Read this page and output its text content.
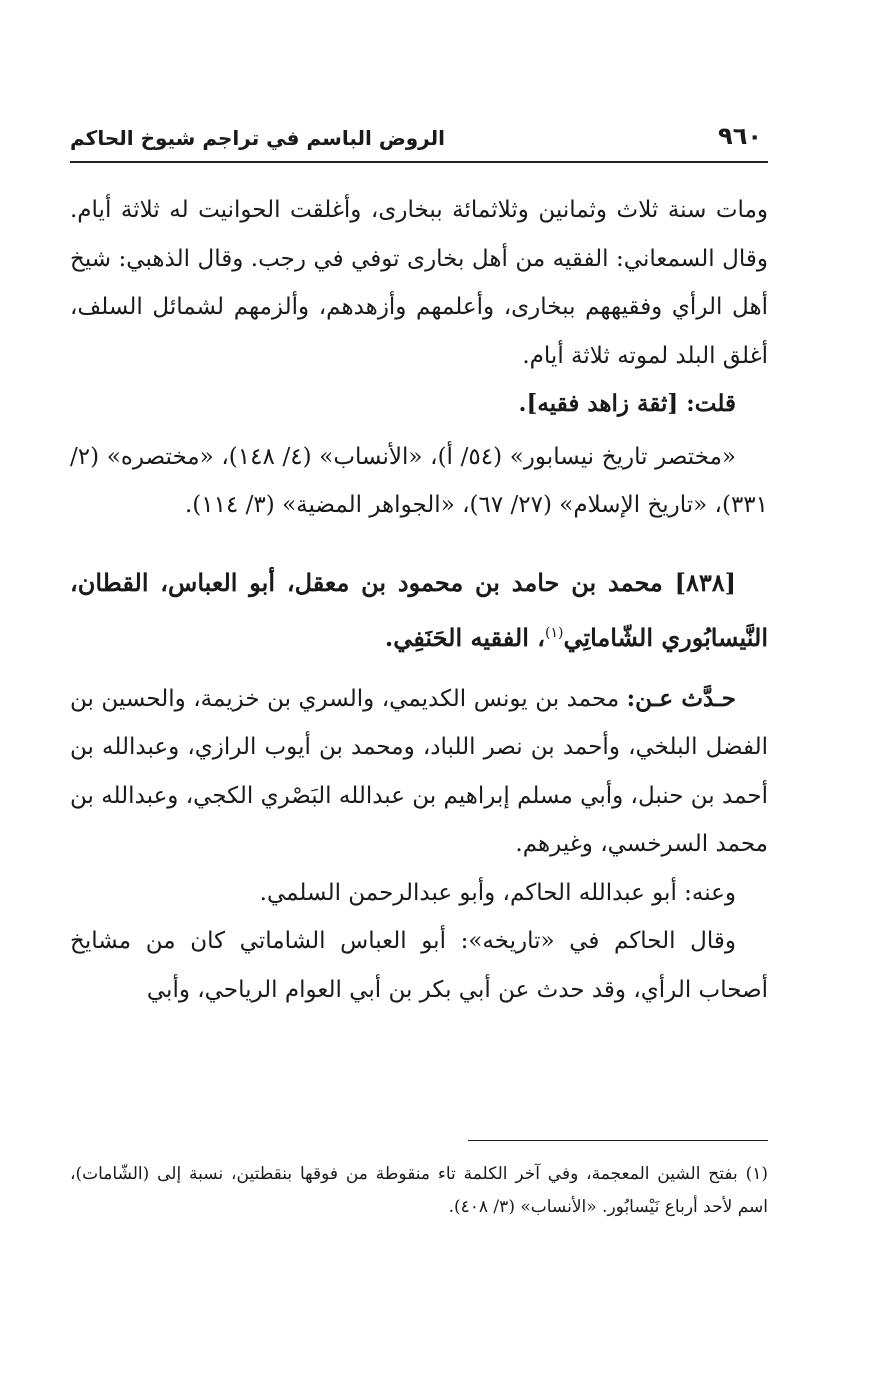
٩٦٠
الروض الباسم في تراجم شيوخ الحاكم

ومات سنة ثلاث وثمانين وثلاثمائة ببخارى، وأغلقت الحوانيت له ثلاثة أيام. وقال السمعاني: الفقيه من أهل بخارى توفي في رجب. وقال الذهبي: شيخ أهل الرأي وفقيههم ببخارى، وأعلمهم وأزهدهم، وألزمهم لشمائل السلف، أغلق البلد لموته ثلاثة أيام.

قلت: [ثقة زاهد فقيه].

«مختصر تاريخ نيسابور» (٥٤/ أ)، «الأنساب» (٤/ ١٤٨)، «مختصره» (٢/ ٣٣١)، «تاريخ الإسلام» (٢٧/ ٦٧)، «الجواهر المضية» (٣/ ١١٤).

[٨٣٨] محمد بن حامد بن محمود بن معقل، أبو العباس، القطان، النَّيسابُوري الشّاماتِي$^{(١)}$، الفقيه الحَنَفِي.

حـدَّث عـن: محمد بن يونس الكديمي، والسري بن خزيمة، والحسين بن الفضل البلخي، وأحمد بن نصر اللباد، ومحمد بن أيوب الرازي، وعبدالله بن أحمد بن حنبل، وأبي مسلم إبراهيم بن عبدالله البَصْري الكجي، وعبدالله بن محمد السرخسي، وغيرهم.

وعنه: أبو عبدالله الحاكم، وأبو عبدالرحمن السلمي.

وقال الحاكم في «تاريخه»: أبو العباس الشاماتي كان من مشايخ أصحاب الرأي، وقد حدث عن أبي بكر بن أبي العوام الرياحي، وأبي

(١) بفتح الشين المعجمة، وفي آخر الكلمة تاء منقوطة من فوقها بنقطتين، نسبة إلى (الشّامات)، اسم لأحد أرباع نَيْسابُور. «الأنساب» (٣/ ٤٠٨).
